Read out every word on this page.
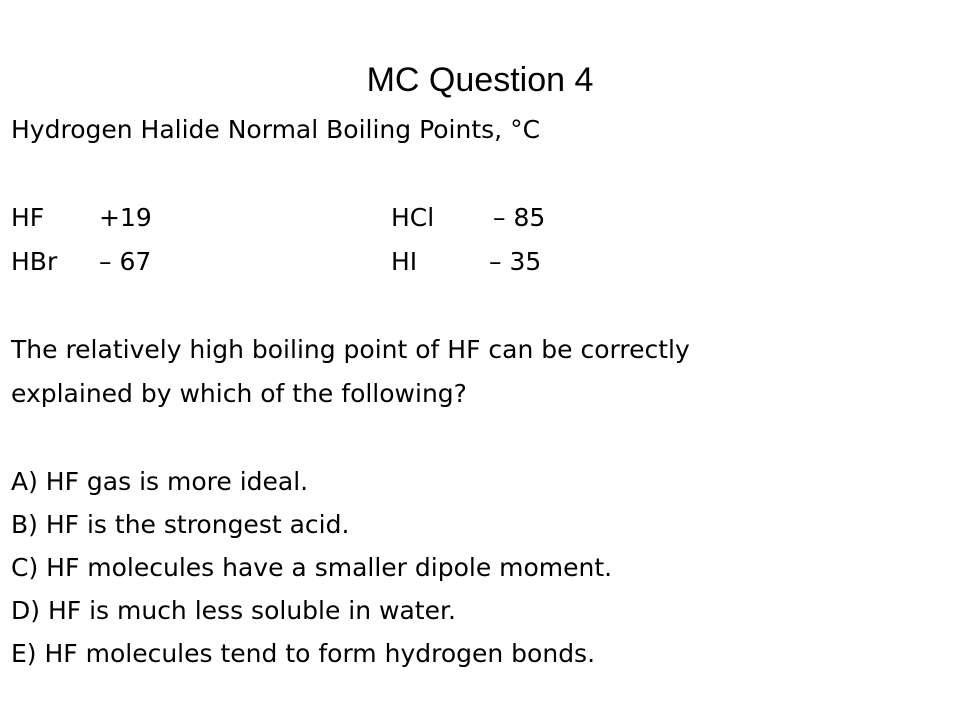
MC Question 4
Hydrogen Halide Normal Boiling Points, °C
HF +19	HCl – 85
HBr – 67	HI	– 35
The relatively high boiling point of HF can be correctly
explained by which of the following?
A) HF gas is more ideal.
B) HF is the strongest acid.
C) HF molecules have a smaller dipole moment.
D) HF is much less soluble in water.
E) HF molecules tend to form hydrogen bonds.
